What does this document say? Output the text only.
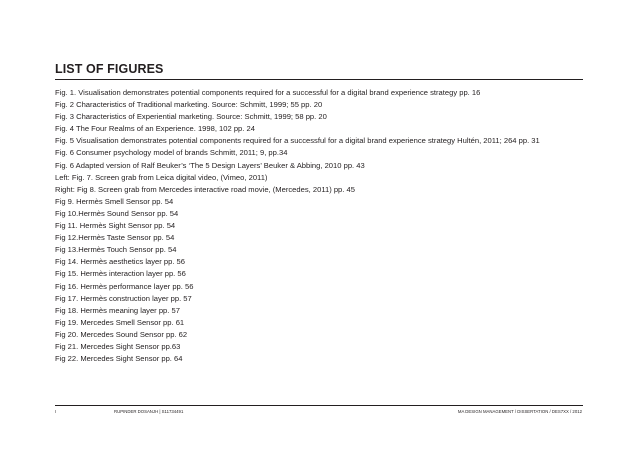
LIST OF FIGURES
Fig. 1. Visualisation demonstrates potential components required for a successful for a digital brand experience strategy pp. 16
Fig. 2 Characteristics of Traditional marketing. Source: Schmitt, 1999; 55 pp. 20
Fig. 3 Characteristics of Experiential marketing. Source: Schmitt, 1999; 58 pp. 20
Fig. 4 The Four Realms of an Experience. 1998, 102 pp. 24
Fig. 5 Visualisation demonstrates potential components required for a successful for a digital brand experience strategy Hultén, 2011; 264 pp. 31
Fig. 6 Consumer psychology model of brands Schmitt, 2011; 9, pp.34
Fig. 6 Adapted version of Ralf Beuker’s ‘The 5 Design Layers’ Beuker & Abbing, 2010 pp. 43
Left: Fig. 7. Screen grab from Leica digital video, (Vimeo, 2011)
Right: Fig 8. Screen grab from Mercedes interactive road movie, (Mercedes, 2011) pp. 45
Fig 9. Hermès Smell Sensor pp. 54
Fig 10.Hermès Sound Sensor pp. 54
Fig 11. Hermès Sight Sensor pp. 54
Fig 12.Hermès Taste Sensor pp. 54
Fig 13.Hermès Touch Sensor pp. 54
Fig 14. Hermès aesthetics layer pp. 56
Fig 15. Hermès interaction layer pp. 56
Fig 16. Hermès performance layer pp. 56
Fig 17. Hermès construction layer pp. 57
Fig 18. Hermès meaning layer pp. 57
Fig 19. Mercedes Smell Sensor pp. 61
Fig 20. Mercedes Sound Sensor pp. 62
Fig 21. Mercedes Sight Sensor pp.63
Fig 22. Mercedes Sight Sensor pp. 64
I	RUPINDER DOSANJH | S11734491	MA DESIGN MANAGEMENT / DISSERTATION / DES7XX / 2012
